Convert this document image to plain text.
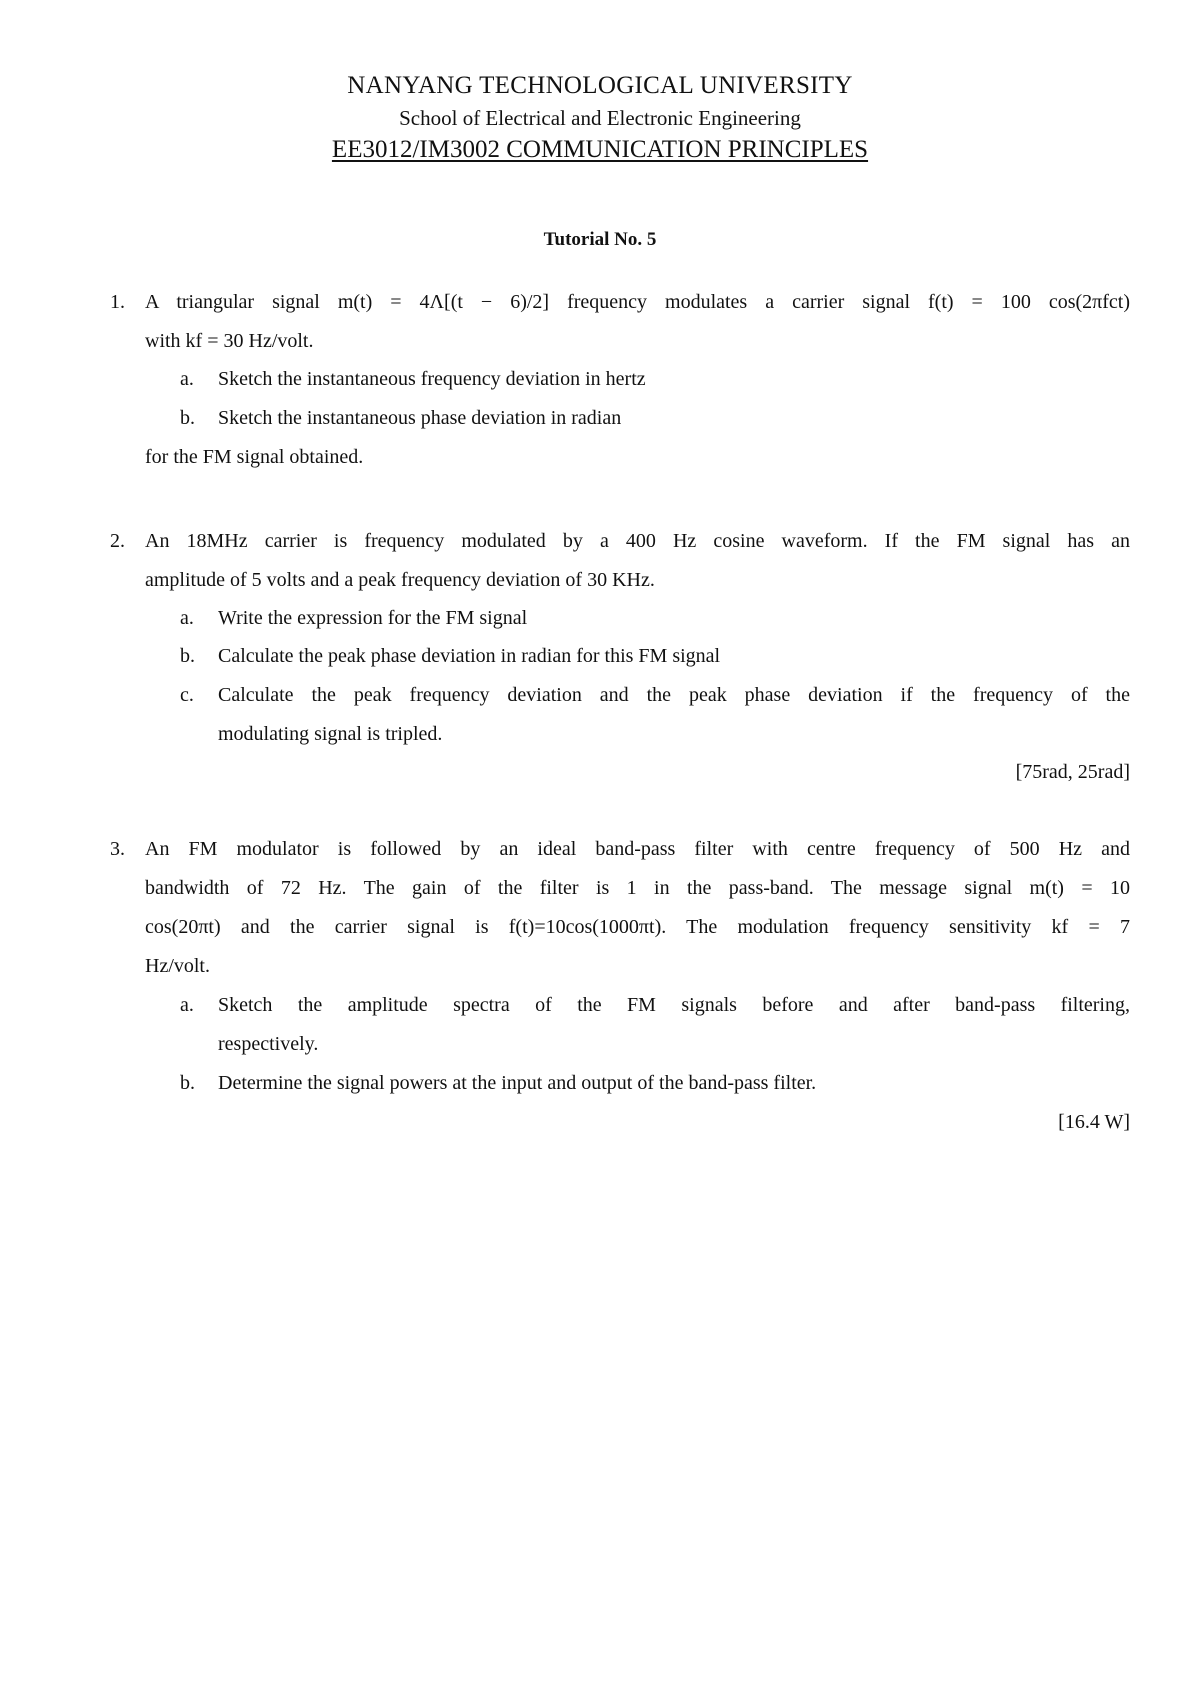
NANYANG TECHNOLOGICAL UNIVERSITY
School of Electrical and Electronic Engineering
EE3012/IM3002 COMMUNICATION PRINCIPLES
Tutorial No. 5
1. A triangular signal m(t) = 4Λ[(t − 6)/2] frequency modulates a carrier signal f(t) = 100 cos(2πfct)
with kf = 30 Hz/volt.
a. Sketch the instantaneous frequency deviation in hertz
b. Sketch the instantaneous phase deviation in radian
for the FM signal obtained.
2. An 18MHz carrier is frequency modulated by a 400 Hz cosine waveform. If the FM signal has an
amplitude of 5 volts and a peak frequency deviation of 30 KHz.
a. Write the expression for the FM signal
b. Calculate the peak phase deviation in radian for this FM signal
c. Calculate the peak frequency deviation and the peak phase deviation if the frequency of the
modulating signal is tripled.
[75rad, 25rad]
3. An FM modulator is followed by an ideal band-pass filter with centre frequency of 500 Hz and
bandwidth of 72 Hz. The gain of the filter is 1 in the pass-band. The message signal m(t) = 10
cos(20πt) and the carrier signal is f(t)=10cos(1000πt). The modulation frequency sensitivity kf = 7
Hz/volt.
a. Sketch the amplitude spectra of the FM signals before and after band-pass filtering,
respectively.
b. Determine the signal powers at the input and output of the band-pass filter.
[16.4 W]
